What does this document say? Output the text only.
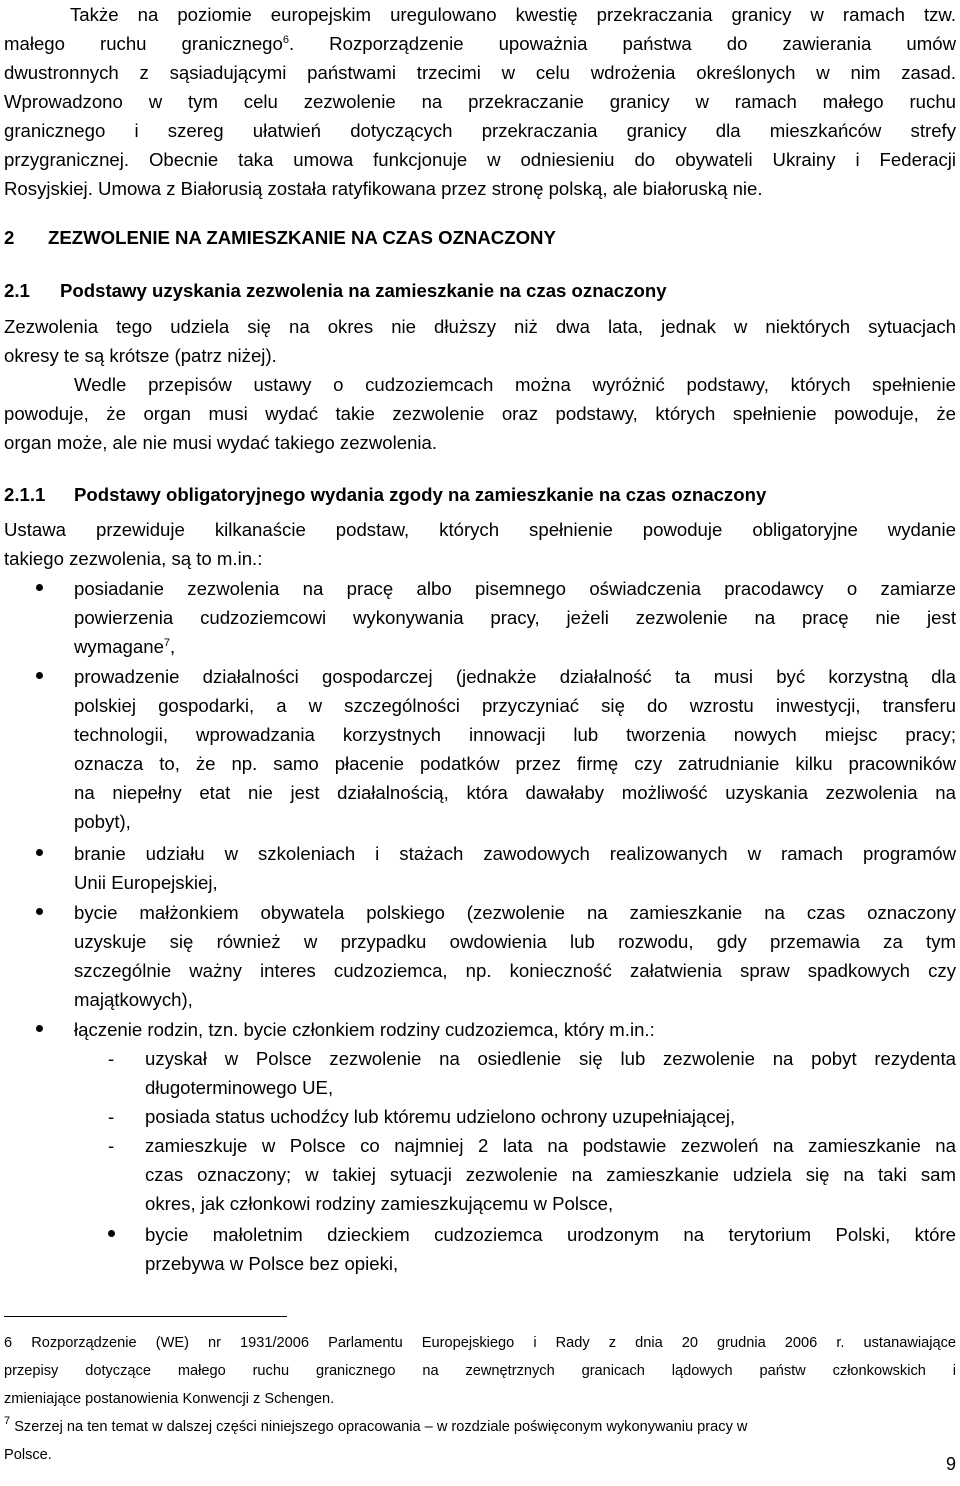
Także na poziomie europejskim uregulowano kwestię przekraczania granicy w ramach tzw.
małego ruchu granicznego$^6$. Rozporządzenie upoważnia państwa do zawierania umów
dwustronnych z sąsiadującymi państwami trzecimi w celu wdrożenia określonych w nim zasad.
Wprowadzono w tym celu zezwolenie na przekraczanie granicy w ramach małego ruchu
granicznego i szereg ułatwień dotyczących przekraczania granicy dla mieszkańców strefy
przygranicznej. Obecnie taka umowa funkcjonuje w odniesieniu do obywateli Ukrainy i Federacji
Rosyjskiej. Umowa z Białorusią została ratyfikowana przez stronę polską, ale białoruską nie.
2 ZEZWOLENIE NA ZAMIESZKANIE NA CZAS OZNACZONY
2.1 Podstawy uzyskania zezwolenia na zamieszkanie na czas oznaczony
Zezwolenia tego udziela się na okres nie dłuższy niż dwa lata, jednak w niektórych sytuacjach
okresy te są krótsze (patrz niżej).
Wedle przepisów ustawy o cudzoziemcach można wyróżnić podstawy, których spełnienie
powoduje, że organ musi wydać takie zezwolenie oraz podstawy, których spełnienie powoduje, że
organ może, ale nie musi wydać takiego zezwolenia.
2.1.1 Podstawy obligatoryjnego wydania zgody na zamieszkanie na czas oznaczony
Ustawa przewiduje kilkanaście podstaw, których spełnienie powoduje obligatoryjne wydanie
takiego zezwolenia, są to m.in.:
posiadanie zezwolenia na pracę albo pisemnego oświadczenia pracodawcy o zamiarze
powierzenia cudzoziemcowi wykonywania pracy, jeżeli zezwolenie na pracę nie jest
wymagane$^7$,
prowadzenie działalności gospodarczej (jednakże działalność ta musi być korzystną dla
polskiej gospodarki, a w szczególności przyczyniać się do wzrostu inwestycji, transferu
technologii, wprowadzania korzystnych innowacji lub tworzenia nowych miejsc pracy;
oznacza to, że np. samo płacenie podatków przez firmę czy zatrudnianie kilku pracowników
na niepełny etat nie jest działalnością, która dawałaby możliwość uzyskania zezwolenia na
pobyt),
branie udziału w szkoleniach i stażach zawodowych realizowanych w ramach programów
Unii Europejskiej,
bycie małżonkiem obywatela polskiego (zezwolenie na zamieszkanie na czas oznaczony
uzyskuje się również w przypadku owdowienia lub rozwodu, gdy przemawia za tym
szczególnie ważny interes cudzoziemca, np. konieczność załatwienia spraw spadkowych czy
majątkowych),
łączenie rodzin, tzn. bycie członkiem rodziny cudzoziemca, który m.in.:
- uzyskał w Polsce zezwolenie na osiedlenie się lub zezwolenie na pobyt rezydenta
długoterminowego UE,
- posiada status uchodźcy lub któremu udzielono ochrony uzupełniającej,
- zamieszkuje w Polsce co najmniej 2 lata na podstawie zezwoleń na zamieszkanie na
czas oznaczony; w takiej sytuacji zezwolenie na zamieszkanie udziela się na taki sam
okres, jak członkowi rodziny zamieszkującemu w Polsce,
bycie małoletnim dzieckiem cudzoziemca urodzonym na terytorium Polski, które
przebywa w Polsce bez opieki,
6 Rozporządzenie (WE) nr 1931/2006 Parlamentu Europejskiego i Rady z dnia 20 grudnia 2006 r. ustanawiające
przepisy dotyczące małego ruchu granicznego na zewnętrznych granicach lądowych państw członkowskich i
zmieniające postanowienia Konwencji z Schengen.
$^7$ Szerzej na ten temat w dalszej części niniejszego opracowania – w rozdziale poświęconym wykonywaniu pracy w
Polsce.	9
